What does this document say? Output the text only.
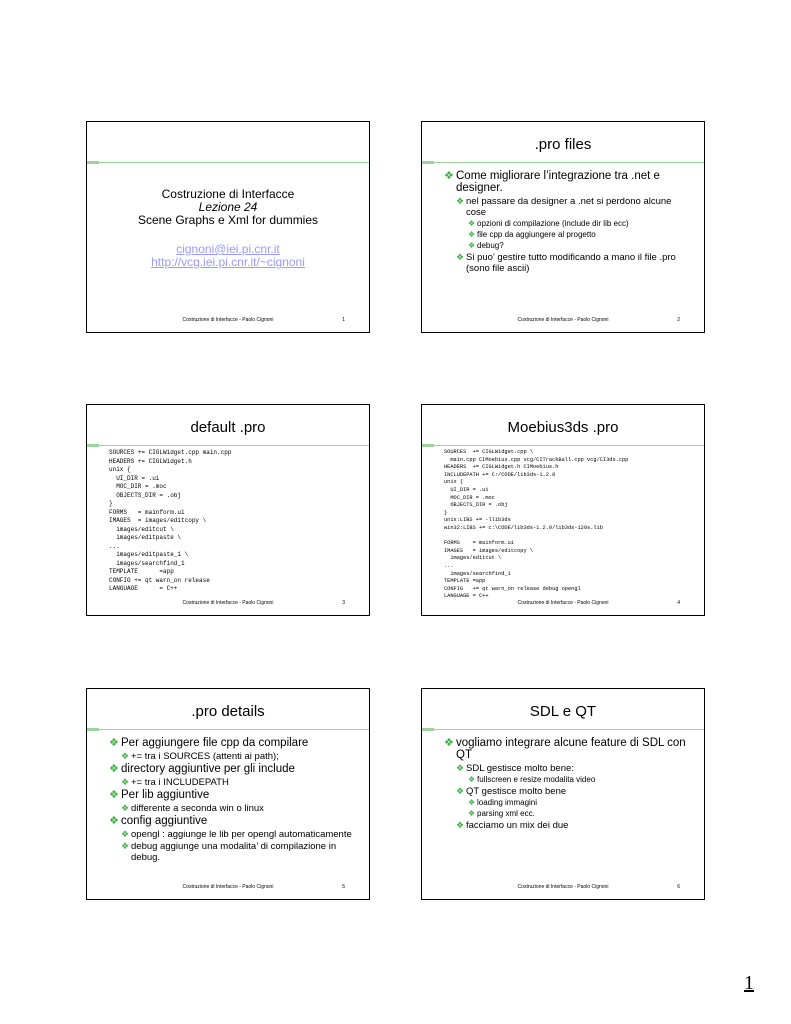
Costruzione di Interfacce
Lezione 24
Scene Graphs e Xml for dummies
cignoni@iei.pi.cnr.it
http://vcg.iei.pi.cnr.it/~cignoni
Costruzione di Interfacce - Paolo Cignoni	1
.pro files
❖ Come migliorare l’integrazione tra .net e designer.
❖ nel passare da designer a .net si perdono alcune cose
❖ opzioni di compilazione (include dir lib ecc)
❖ file cpp da aggiungere al progetto
❖ debug?
❖ Si puo’ gestire tutto modificando a mano il file .pro (sono file ascii)
Costruzione di Interfacce - Paolo Cignoni	2
default .pro
SOURCES += CIGLWidget.cpp main.cpp
HEADERS += CIGLWidget.h
unix {
UI_DIR = .ui
MOC_DIR = .moc
OBJECTS_DIR = .obj
}
FORMS   = mainform.ui
IMAGES  = images/editcopy \
images/editcut \
images/editpaste \
...
images/editpaste_1 \
images/searchfind_1
TEMPLATE      =app
CONFIG += qt warn_on release
LANGUAGE      = C++
Costruzione di Interfacce - Paolo Cignoni	3
Moebius3ds .pro
SOURCES  += CIGLWidget.cpp \
main.cpp CIMoebius.cpp vcg/CITrackBall.cpp vcg/CI3ds.cpp
HEADERS  += CIGLWidget.h CIMoebius.h
INCLUDEPATH += C:/CODE/lib3ds-1.2.0
unix {
UI_DIR = .ui
MOC_DIR = .moc
OBJECTS_DIR = .obj
}
unix:LIBS += -llib3ds
win32:LIBS += c:\CODE/lib3ds-1.2.0/lib3ds-120s.lib

FORMS    = mainform.ui
IMAGES   = images/editcopy \
images/editcut \
...
images/searchfind_1
TEMPLATE =app
CONFIG   += qt warn_on release debug opengl
LANGUAGE = C++
Costruzione di Interfacce - Paolo Cignoni	4
.pro details
❖ Per aggiungere file cpp da compilare
❖ += tra i SOURCES (attenti ai path);
❖ directory aggiuntive per gli include
❖ += tra i INCLUDEPATH
❖ Per lib aggiuntive
❖ differente a seconda win o linux
❖ config aggiuntive
❖ opengl : aggiunge le lib per opengl automaticamente
❖ debug aggiunge una modalita’ di compilazione in debug.
Costruzione di Interfacce - Paolo Cignoni	5
SDL e QT
❖ vogliamo integrare alcune feature di SDL con QT
❖ SDL gestisce molto bene:
❖ fullscreen e resize modalita video
❖ QT gestisce molto bene
❖ loading immagini
❖ parsing xml ecc.
❖ facciamo un mix dei due
Costruzione di Interfacce - Paolo Cignoni	6
1
